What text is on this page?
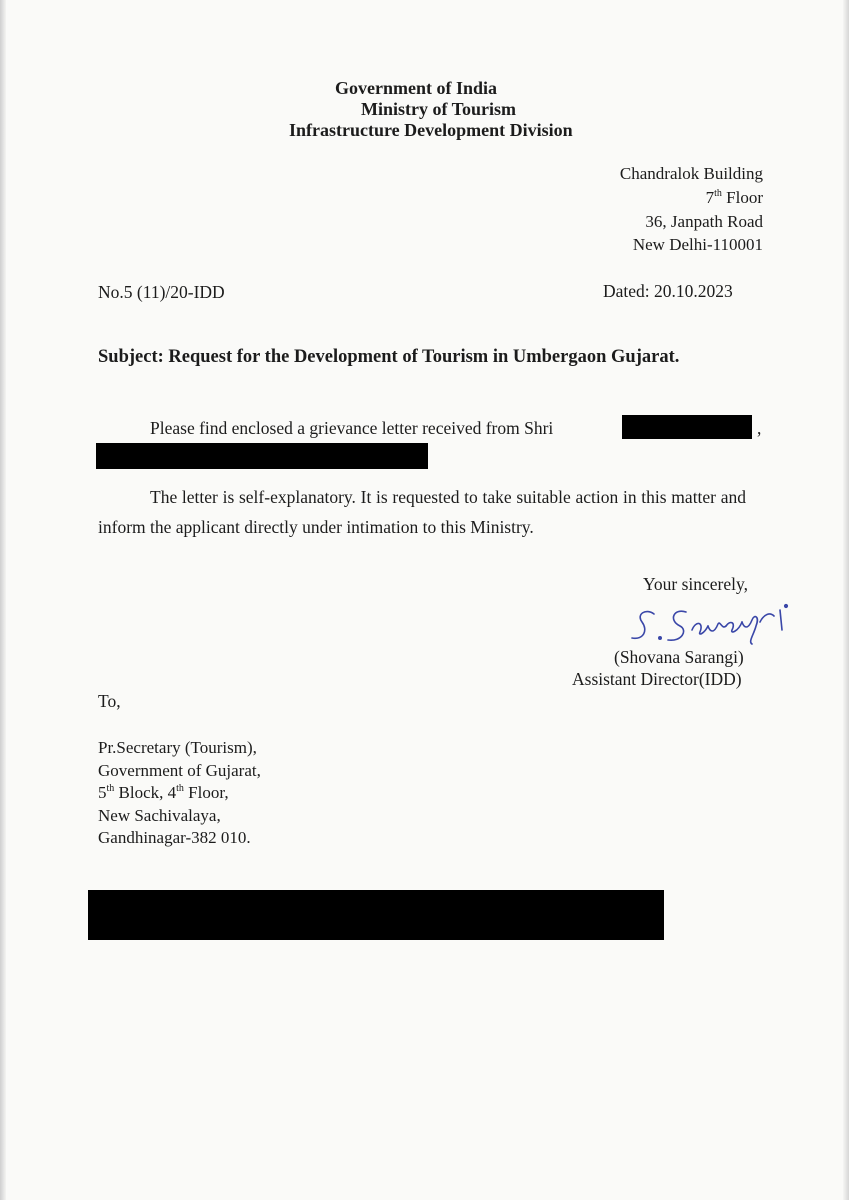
Government of India
Ministry of Tourism
Infrastructure Development Division
Chandralok Building
7th Floor
36, Janpath Road
New Delhi-110001
No.5 (11)/20-IDD	Dated: 20.10.2023
Subject: Request for the Development of Tourism in Umbergaon Gujarat.
Please find enclosed a grievance letter received from Shri	,
The letter is self-explanatory. It is requested to take suitable action in this matter and inform the applicant directly under intimation to this Ministry.
Your sincerely,
(Shovana Sarangi)
Assistant Director(IDD)
To,
Pr.Secretary (Tourism),
Government of Gujarat,
5th Block, 4th Floor,
New Sachivalaya,
Gandhinagar-382 010.
